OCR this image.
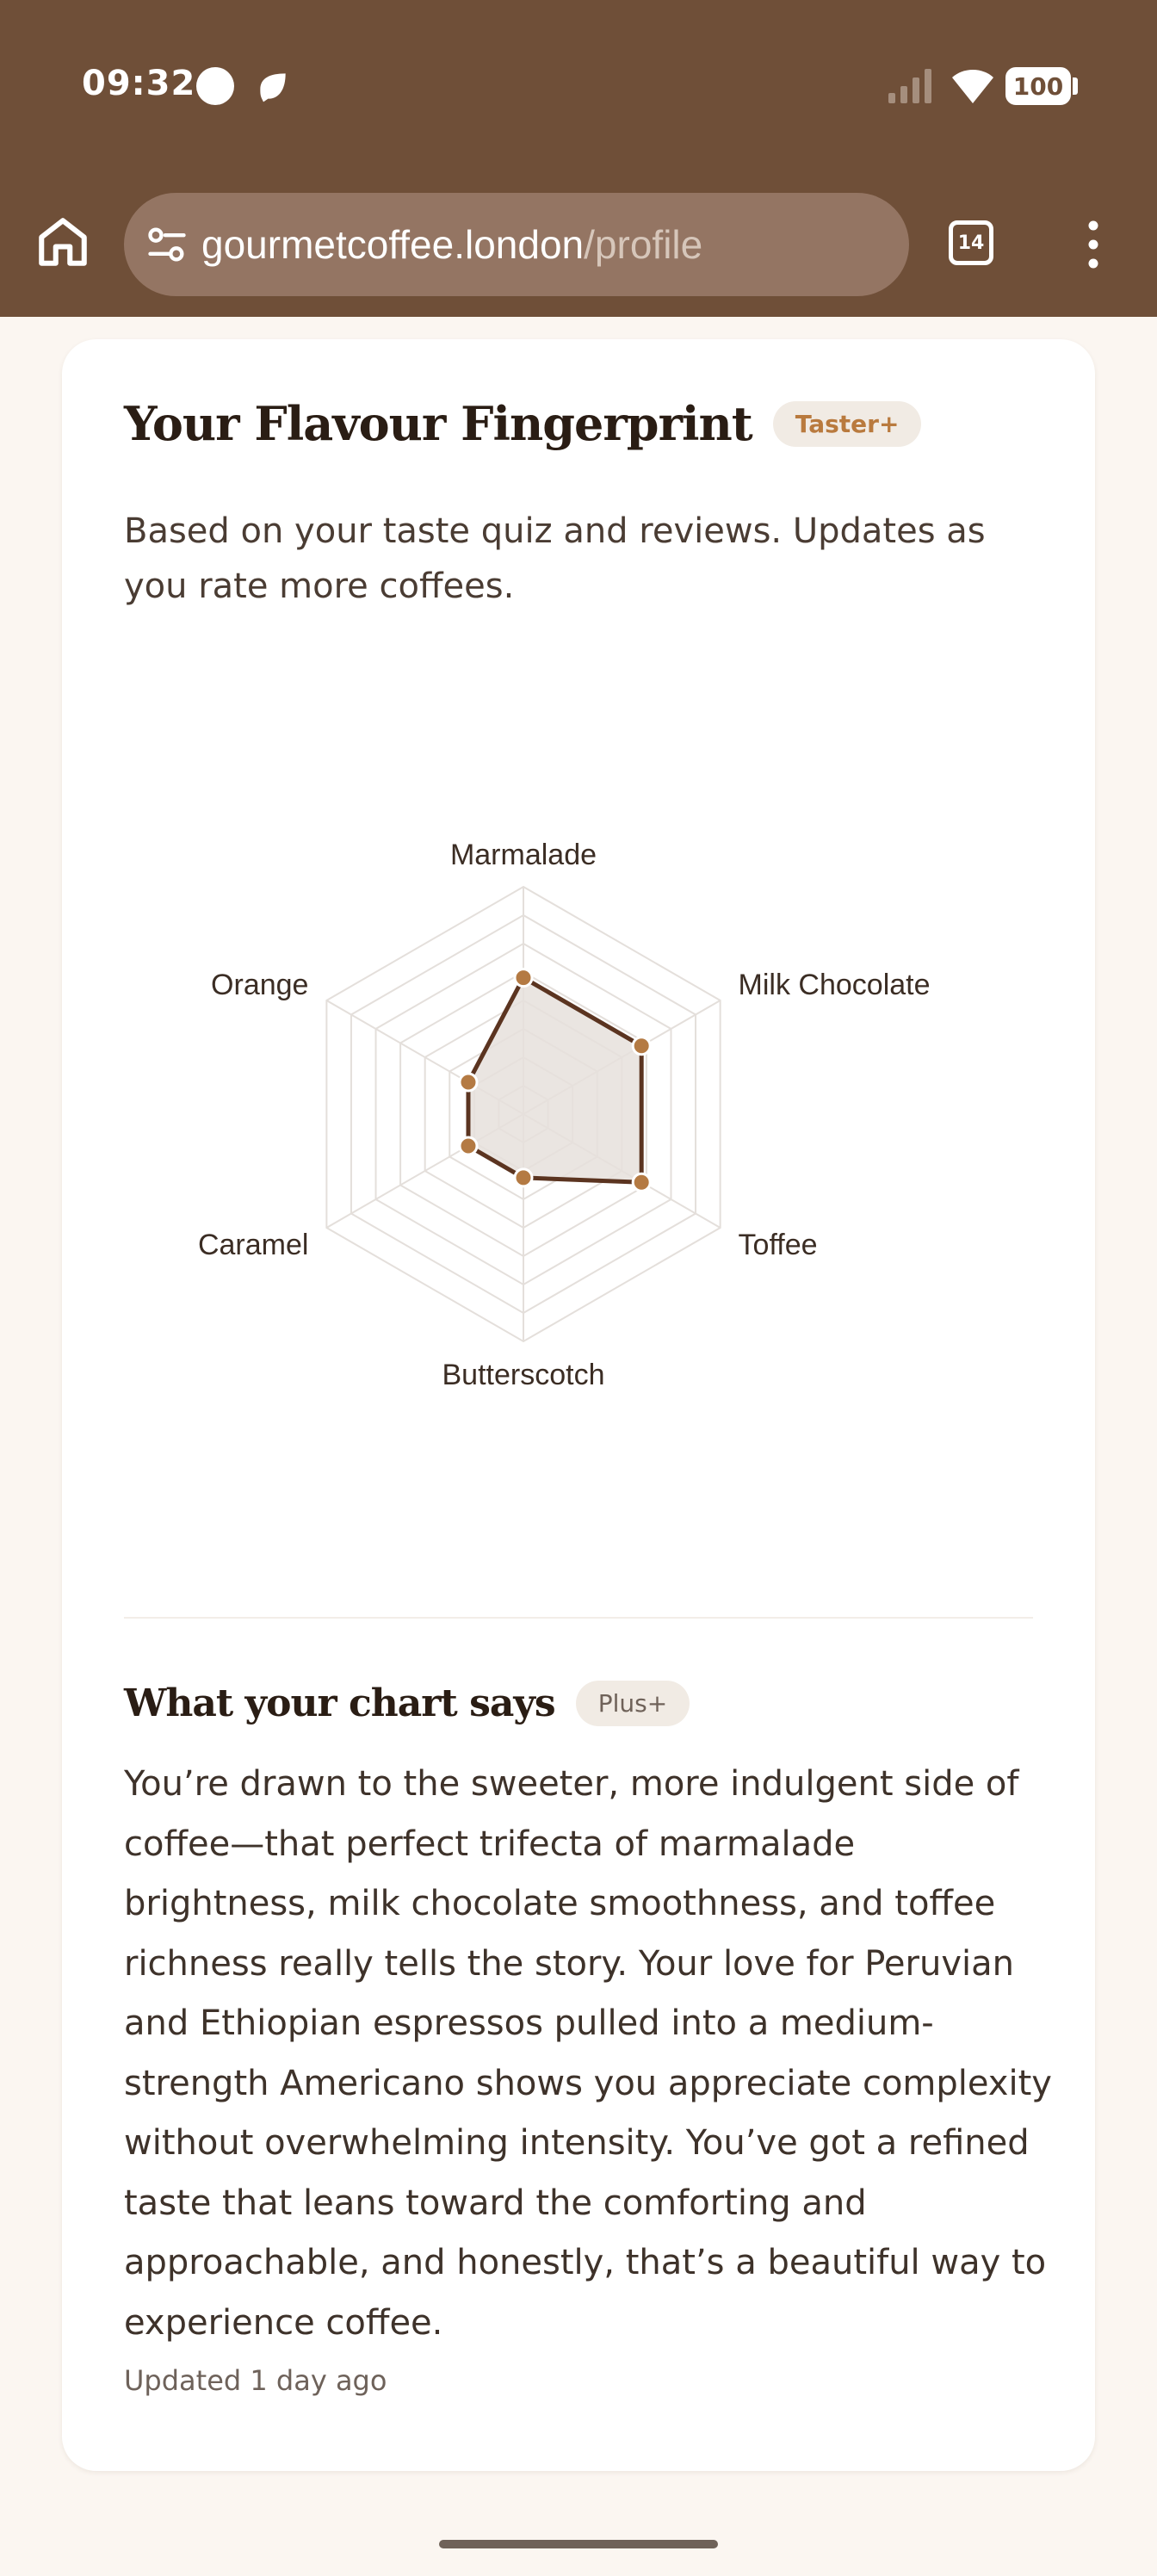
09:32	100
gourmetcoffee.london/profile	14
Your Flavour Fingerprint	Taster+
Based on your taste quiz and reviews. Updates as you rate more coffees.
Marmalade
Milk Chocolate
Toffee
Butterscotch
Caramel
Orange
What your chart says	Plus+
You’re drawn to the sweeter, more indulgent side of coffee—that perfect trifecta of marmalade brightness, milk chocolate smoothness, and toffee richness really tells the story. Your love for Peruvian and Ethiopian espressos pulled into a medium-strength Americano shows you appreciate complexity without overwhelming intensity. You’ve got a refined taste that leans toward the comforting and approachable, and honestly, that’s a beautiful way to experience coffee.
Updated 1 day ago
